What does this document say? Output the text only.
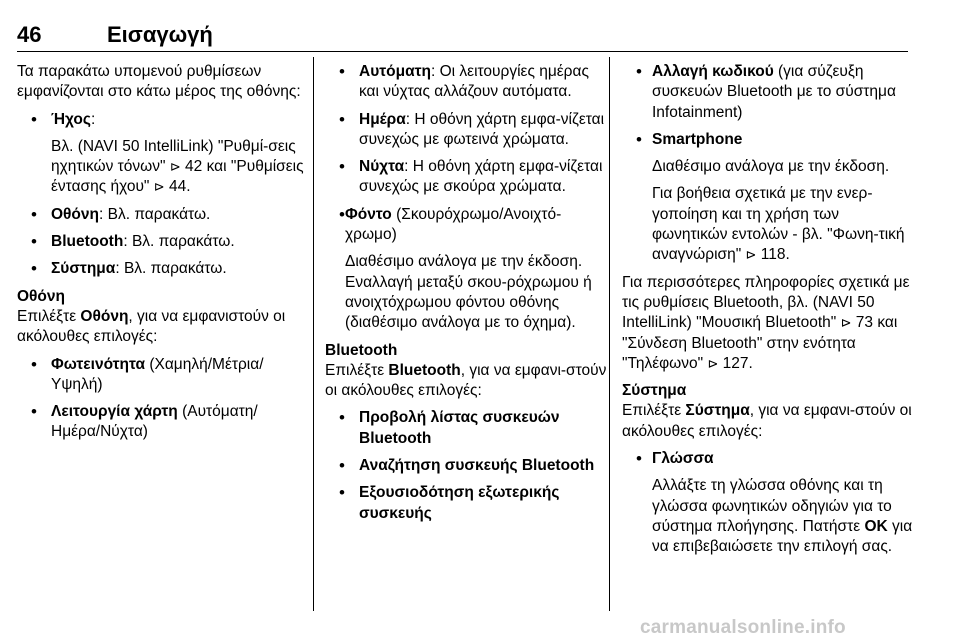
46	Εισαγωγή

Τα παρακάτω υπομενού ρυθμίσεων εμφανίζονται στο κάτω μέρος της οθόνης:

• Ήχος:

Βλ. (NAVI 50 IntelliLink) "Ρυθμί-σεις ηχητικών τόνων" ⊳ 42 και "Ρυθμίσεις έντασης ήχου" ⊳ 44.

• Οθόνη: Βλ. παρακάτω.
• Bluetooth: Βλ. παρακάτω.
• Σύστημα: Βλ. παρακάτω.

Οθόνη

Επιλέξτε Οθόνη, για να εμφανιστούν οι ακόλουθες επιλογές:

• Φωτεινότητα (Χαμηλή/Μέτρια/ Υψηλή)
• Λειτουργία χάρτη (Αυτόματη/ Ημέρα/Νύχτα)
• Αυτόματη: Οι λειτουργίες ημέρας και νύχτας αλλάζουν αυτόματα.
• Ημέρα: Η οθόνη χάρτη εμφα-νίζεται συνεχώς με φωτεινά χρώματα.
• Νύχτα: Η οθόνη χάρτη εμφα-νίζεται συνεχώς με σκούρα χρώματα.
• Φόντο (Σκουρόχρωμο/Ανοιχτό-χρωμο)

Διαθέσιμο ανάλογα με την έκδοση. Εναλλαγή μεταξύ σκου-ρόχρωμου ή ανοιχτόχρωμου φόντου οθόνης (διαθέσιμο ανάλογα με το όχημα).

Bluetooth

Επιλέξτε Bluetooth, για να εμφανι-στούν οι ακόλουθες επιλογές:

• Προβολή λίστας συσκευών Bluetooth
• Αναζήτηση συσκευής Bluetooth
• Εξουσιοδότηση εξωτερικής συσκευής
• Αλλαγή κωδικού (για σύζευξη συσκευών Bluetooth με το σύστημα Infotainment)
• Smartphone

Διαθέσιμο ανάλογα με την έκδοση.

Για βοήθεια σχετικά με την ενερ-γοποίηση και τη χρήση των φωνητικών εντολών - βλ. "Φωνη-τική αναγνώριση" ⊳ 118.

Για περισσότερες πληροφορίες σχετικά με τις ρυθμίσεις Bluetooth, βλ. (NAVI 50 IntelliLink) "Μουσική Bluetooth" ⊳ 73 και "Σύνδεση Bluetooth" στην ενότητα "Τηλέφωνο" ⊳ 127.

Σύστημα

Επιλέξτε Σύστημα, για να εμφανι-στούν οι ακόλουθες επιλογές:

• Γλώσσα

Αλλάξτε τη γλώσσα οθόνης και τη γλώσσα φωνητικών οδηγιών για το σύστημα πλοήγησης. Πατήστε OK για να επιβεβαιώσετε την επιλογή σας.

carmanualsonline.info
